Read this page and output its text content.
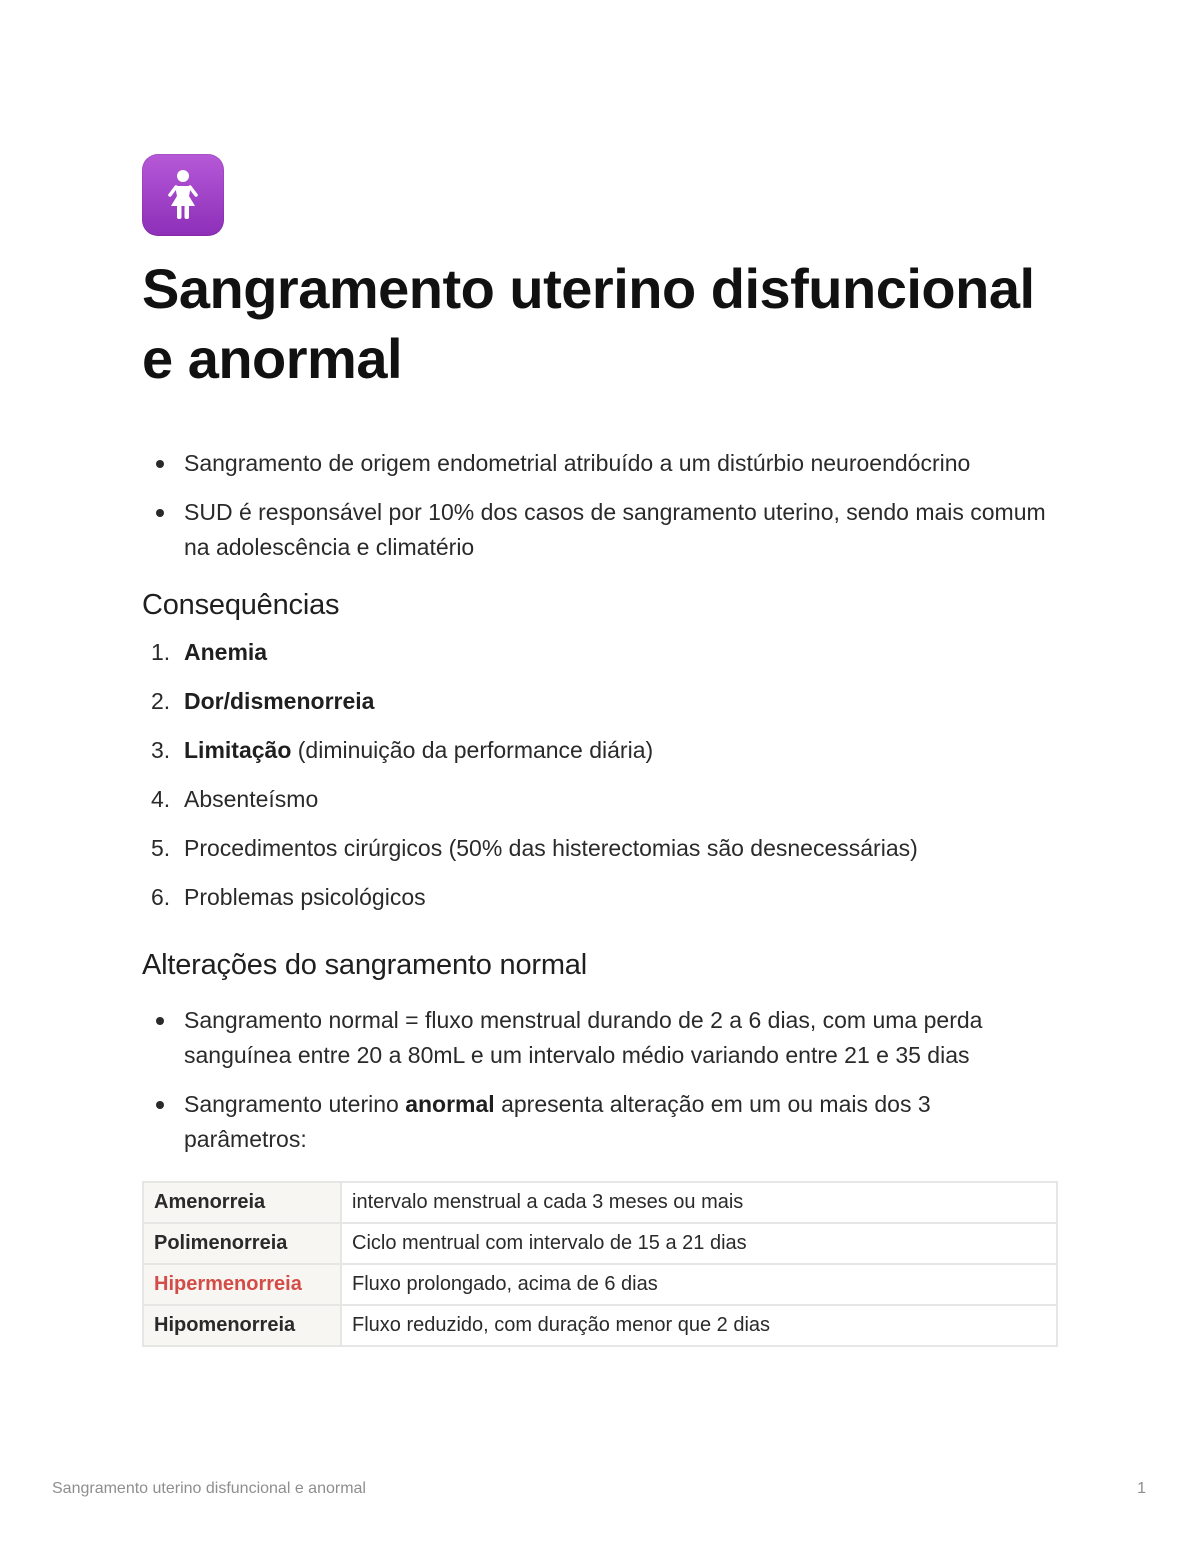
Sangramento uterino disfuncional e anormal
Sangramento de origem endometrial atribuído a um distúrbio neuroendócrino
SUD é responsável por 10% dos casos de sangramento uterino, sendo mais comum na adolescência e climatério
Consequências
1. Anemia
2. Dor/dismenorreia
3. Limitação (diminuição da performance diária)
4. Absenteísmo
5. Procedimentos cirúrgicos (50% das histerectomias são desnecessárias)
6. Problemas psicológicos
Alterações do sangramento normal
Sangramento normal = fluxo menstrual durando de 2 a 6 dias, com uma perda sanguínea entre 20 a 80mL e um intervalo médio variando entre 21 e 35 dias
Sangramento uterino anormal apresenta alteração em um ou mais dos 3 parâmetros:
Amenorreia	intervalo menstrual a cada 3 meses ou mais
Polimenorreia	Ciclo mentrual com intervalo de 15 a 21 dias
Hipermenorreia	Fluxo prolongado, acima de 6 dias
Hipomenorreia	Fluxo reduzido, com duração menor que 2 dias
Sangramento uterino disfuncional e anormal	1
